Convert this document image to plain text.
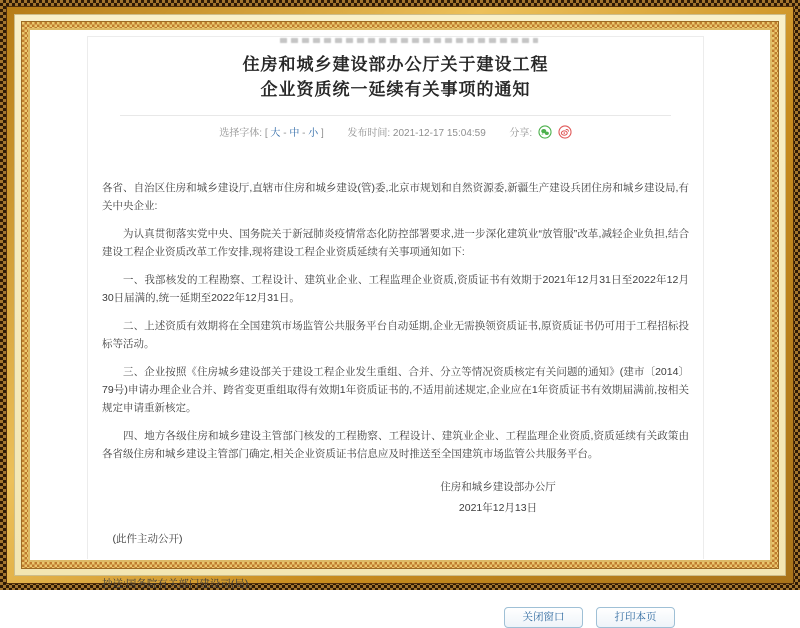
住房和城乡建设部办公厅关于建设工程
企业资质统一延续有关事项的通知
选择字体: [ 大 - 中 - 小 ] 发布时间: 2021-12-17 15:04:59 分享:

各省、自治区住房和城乡建设厅,直辖市住房和城乡建设(管)委,北京市规划和自然资源委,新疆生产建设兵团住房和城乡建设局,有关中央企业:

为认真贯彻落实党中央、国务院关于新冠肺炎疫情常态化防控部署要求,进一步深化建筑业“放管服”改革,减轻企业负担,结合建设工程企业资质改革工作安排,现将建设工程企业资质延续有关事项通知如下:

一、我部核发的工程勘察、工程设计、建筑业企业、工程监理企业资质,资质证书有效期于2021年12月31日至2022年12月30日届满的,统一延期至2022年12月31日。

二、上述资质有效期将在全国建筑市场监管公共服务平台自动延期,企业无需换领资质证书,原资质证书仍可用于工程招标投标等活动。

三、企业按照《住房城乡建设部关于建设工程企业发生重组、合并、分立等情况资质核定有关问题的通知》(建市〔2014〕79号)申请办理企业合并、跨省变更重组取得有效期1年资质证书的,不适用前述规定,企业应在1年资质证书有效期届满前,按相关规定申请重新核定。

四、地方各级住房和城乡建设主管部门核发的工程勘察、工程设计、建筑业企业、工程监理企业资质,资质延续有关政策由各省级住房和城乡建设主管部门确定,相关企业资质证书信息应及时推送至全国建筑市场监管公共服务平台。

住房和城乡建设部办公厅
2021年12月13日
(此件主动公开)
抄送:国务院有关部门建设司(局)。
关闭窗口	打印本页
